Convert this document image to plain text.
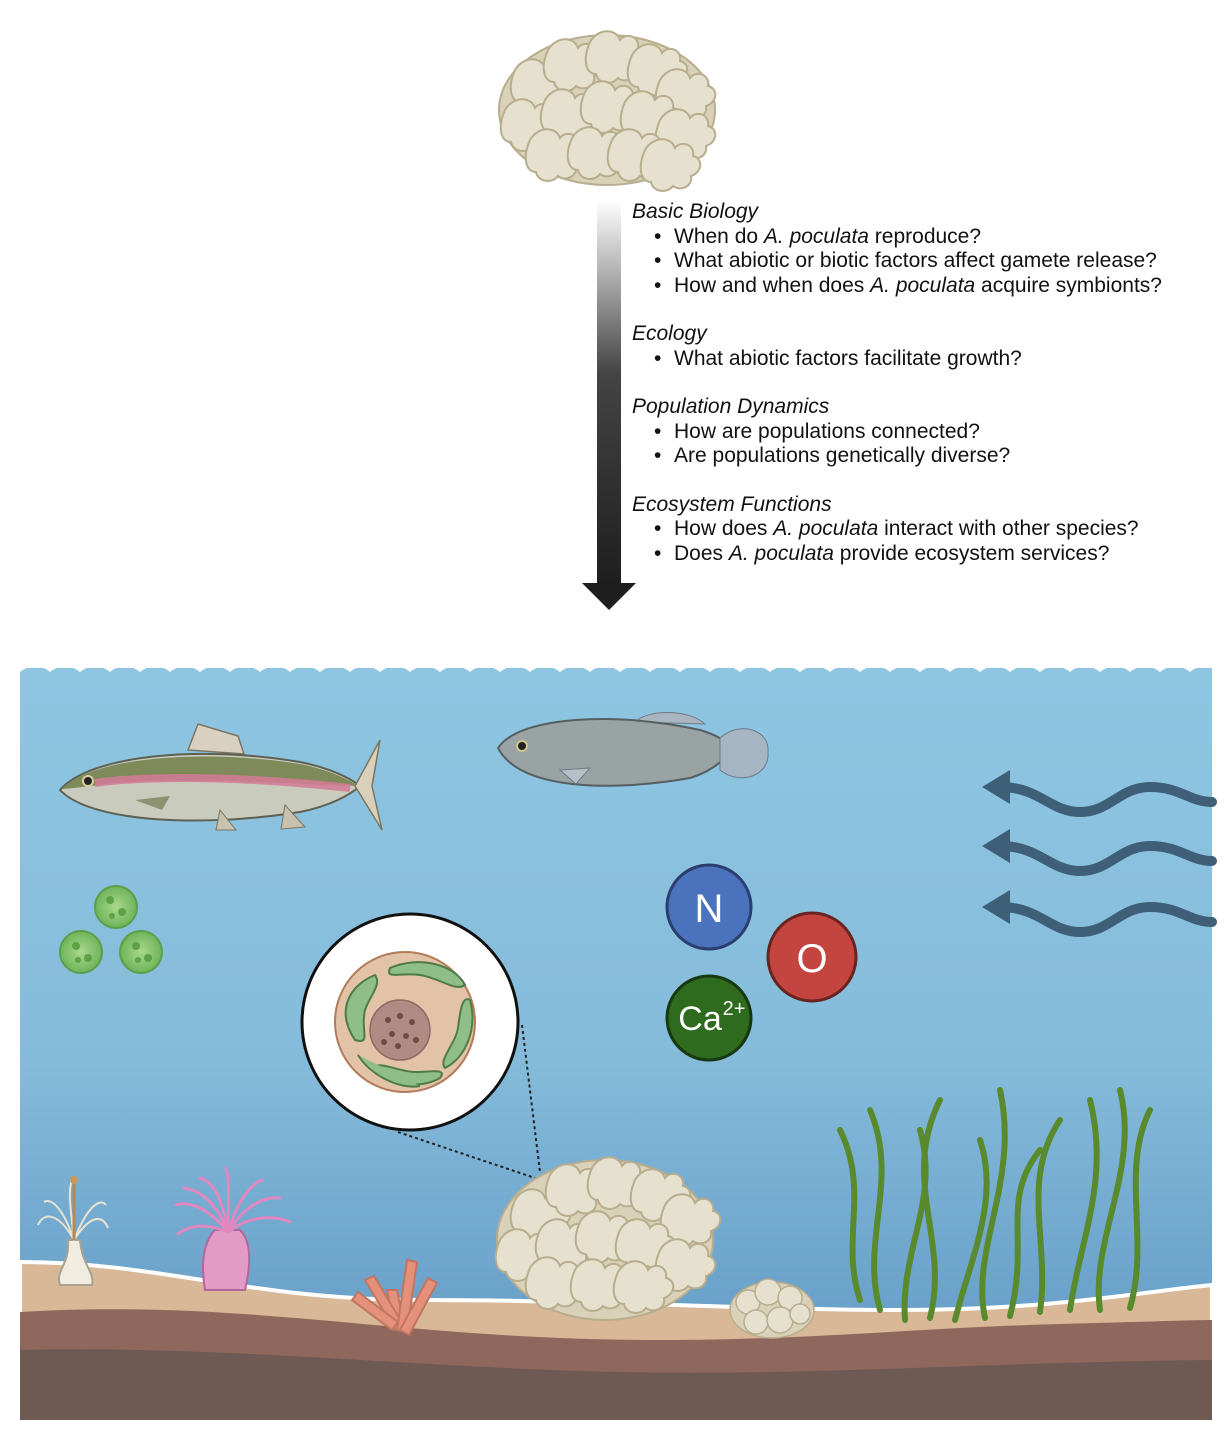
N
O
Ca 2+
Basic Biology
• When do A. poculata reproduce?
• What abiotic or biotic factors affect gamete release?
• How and when does A. poculata acquire symbionts?
Ecology
• What abiotic factors facilitate growth?
Population Dynamics
• How are populations connected?
• Are populations genetically diverse?
Ecosystem Functions
• How does A. poculata interact with other species?
• Does A. poculata provide ecosystem services?
